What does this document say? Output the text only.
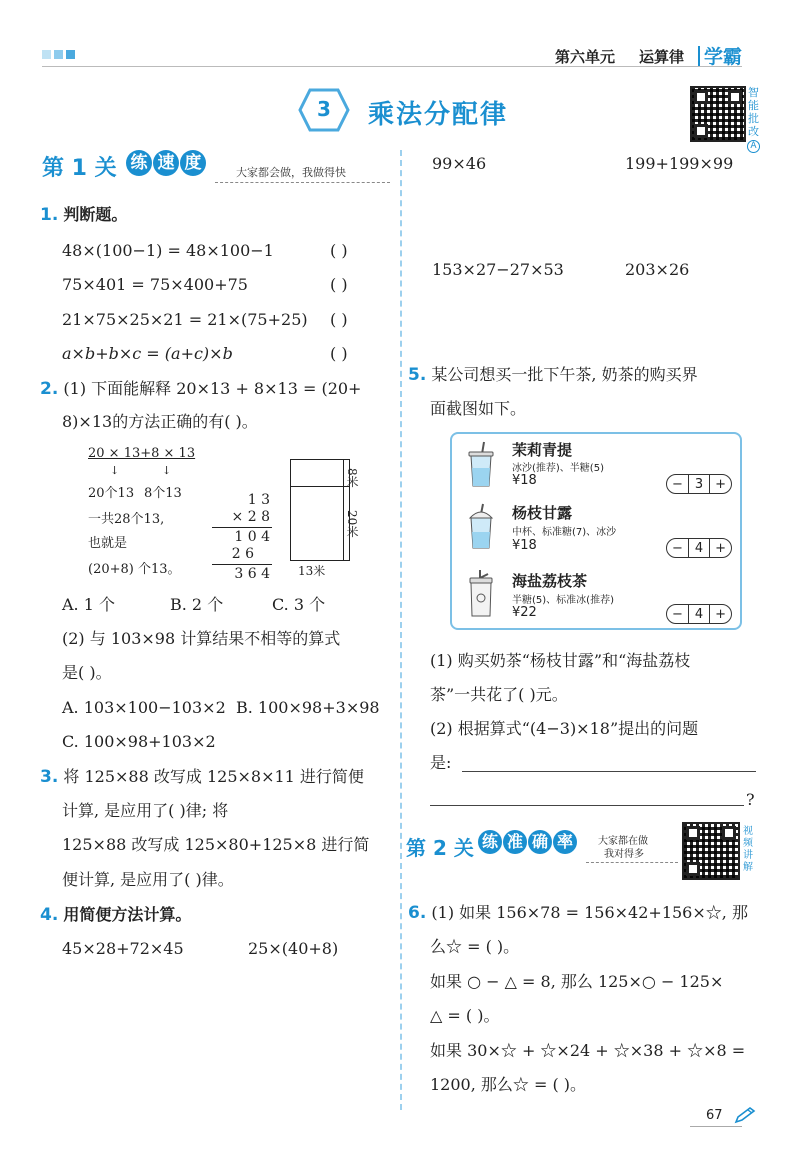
第六单元 运算律 学霸
3	乘法分配律
智能批改
A
第 1 关 练 速 度	大家都会做，我做得快
1. 判断题。
48×(100−1) = 48×100−1	( )
75×401 = 75×400+75	( )
21×75×25×21 = 21×(75+25) ( )
a×b+b×c = (a+c)×b	( )
2. (1) 下面能解释 20×13 + 8×13 = (20+
8)×13的方法正确的有( )。
20 × 13+8 × 13
↓	↓
20个13 8个13
一共28个13,
也就是
(20+8) 个13。
1 3
× 2 8
1 0 4
2 6
3 6 4
8米
20米
13米
A. 1 个	B. 2 个	C. 3 个
(2) 与 103×98 计算结果不相等的算式
是( )。
A. 103×100−103×2 B. 100×98+3×98
C. 100×98+103×2
3. 将 125×88 改写成 125×8×11 进行简便
计算, 是应用了( )律; 将
125×88 改写成 125×80+125×8 进行简
便计算, 是应用了( )律。
4. 用简便方法计算。
45×28+72×45	25×(40+8)
99×46	199+199×99
153×27−27×53	203×26
5. 某公司想买一批下午茶, 奶茶的购买界
面截图如下。
茉莉青提
冰沙(推荐)、半糖(5)
¥18	− 3 +
杨枝甘露
中杯、标准糖(7)、冰沙
¥18	− 4 +
海盐荔枝茶
半糖(5)、标准冰(推荐)
¥22	− 4 +
(1) 购买奶茶“杨枝甘露”和“海盐荔枝
茶”一共花了( )元。
(2) 根据算式“(4−3)×18”提出的问题
是:
?
第 2 关 练 准 确 率	大家都在做
我对得多
视频讲解
6. (1) 如果 156×78 = 156×42+156×☆, 那
么☆ = ( )。
如果 ○ − △ = 8, 那么 125×○ − 125×
△ = ( )。
如果 30×☆ + ☆×24 + ☆×38 + ☆×8 =
1200, 那么☆ = ( )。
67
